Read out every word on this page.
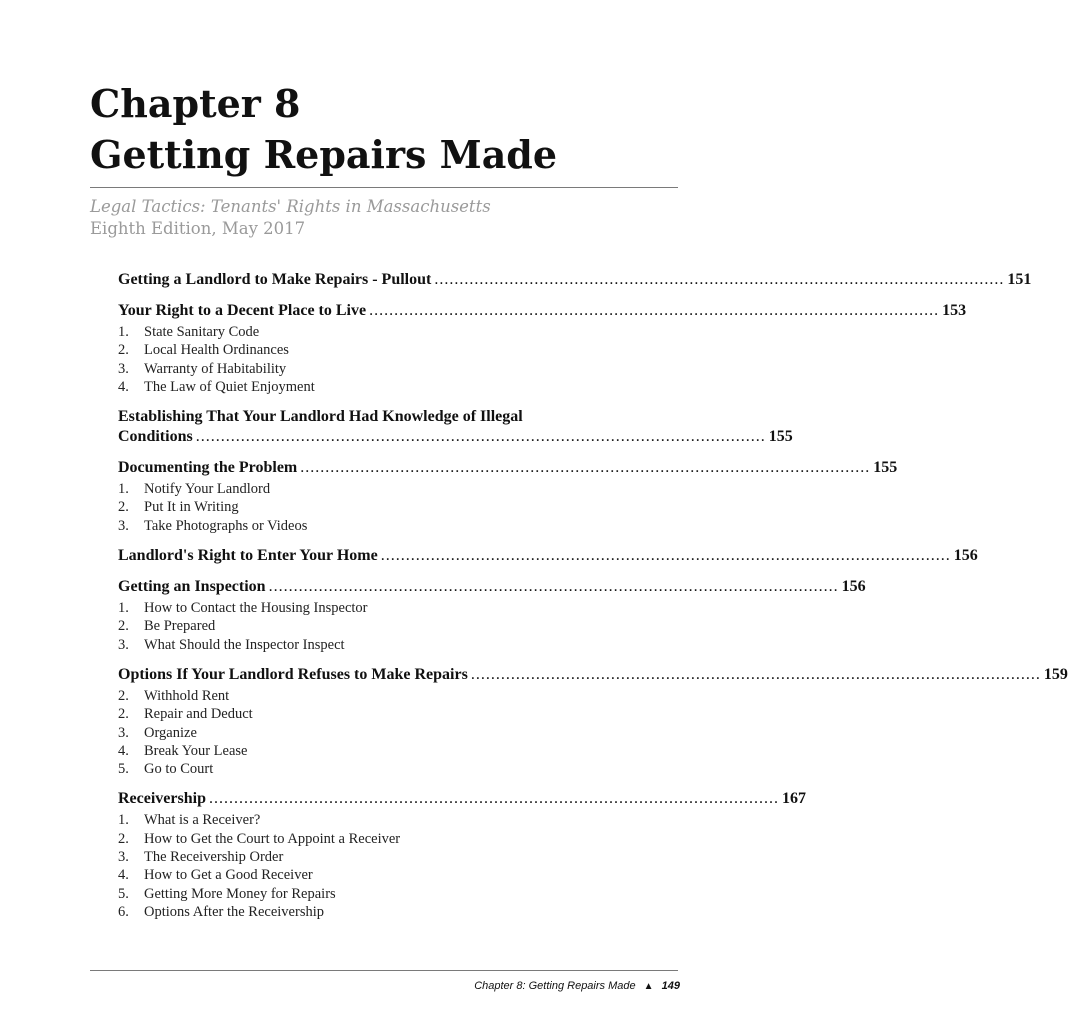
Chapter 8
Getting Repairs Made
Legal Tactics: Tenants' Rights in Massachusetts
Eighth Edition, May 2017
Getting a Landlord to Make Repairs - Pullout .................................................................................................................. 151
Your Right to a Decent Place to Live .................................................................................................................. 153
1. State Sanitary Code
2. Local Health Ordinances
3. Warranty of Habitability
4. The Law of Quiet Enjoyment
Establishing That Your Landlord Had Knowledge of Illegal
Conditions .................................................................................................................. 155
Documenting the Problem .................................................................................................................. 155
1. Notify Your Landlord
2. Put It in Writing
3. Take Photographs or Videos
Landlord's Right to Enter Your Home .................................................................................................................. 156
Getting an Inspection .................................................................................................................. 156
1. How to Contact the Housing Inspector
2. Be Prepared
3. What Should the Inspector Inspect
Options If Your Landlord Refuses to Make Repairs .................................................................................................................. 159
2. Withhold Rent
2. Repair and Deduct
3. Organize
4. Break Your Lease
5. Go to Court
Receivership .................................................................................................................. 167
1. What is a Receiver?
2. How to Get the Court to Appoint a Receiver
3. The Receivership Order
4. How to Get a Good Receiver
5. Getting More Money for Repairs
6. Options After the Receivership
Chapter 8: Getting Repairs Made ▲ 149
